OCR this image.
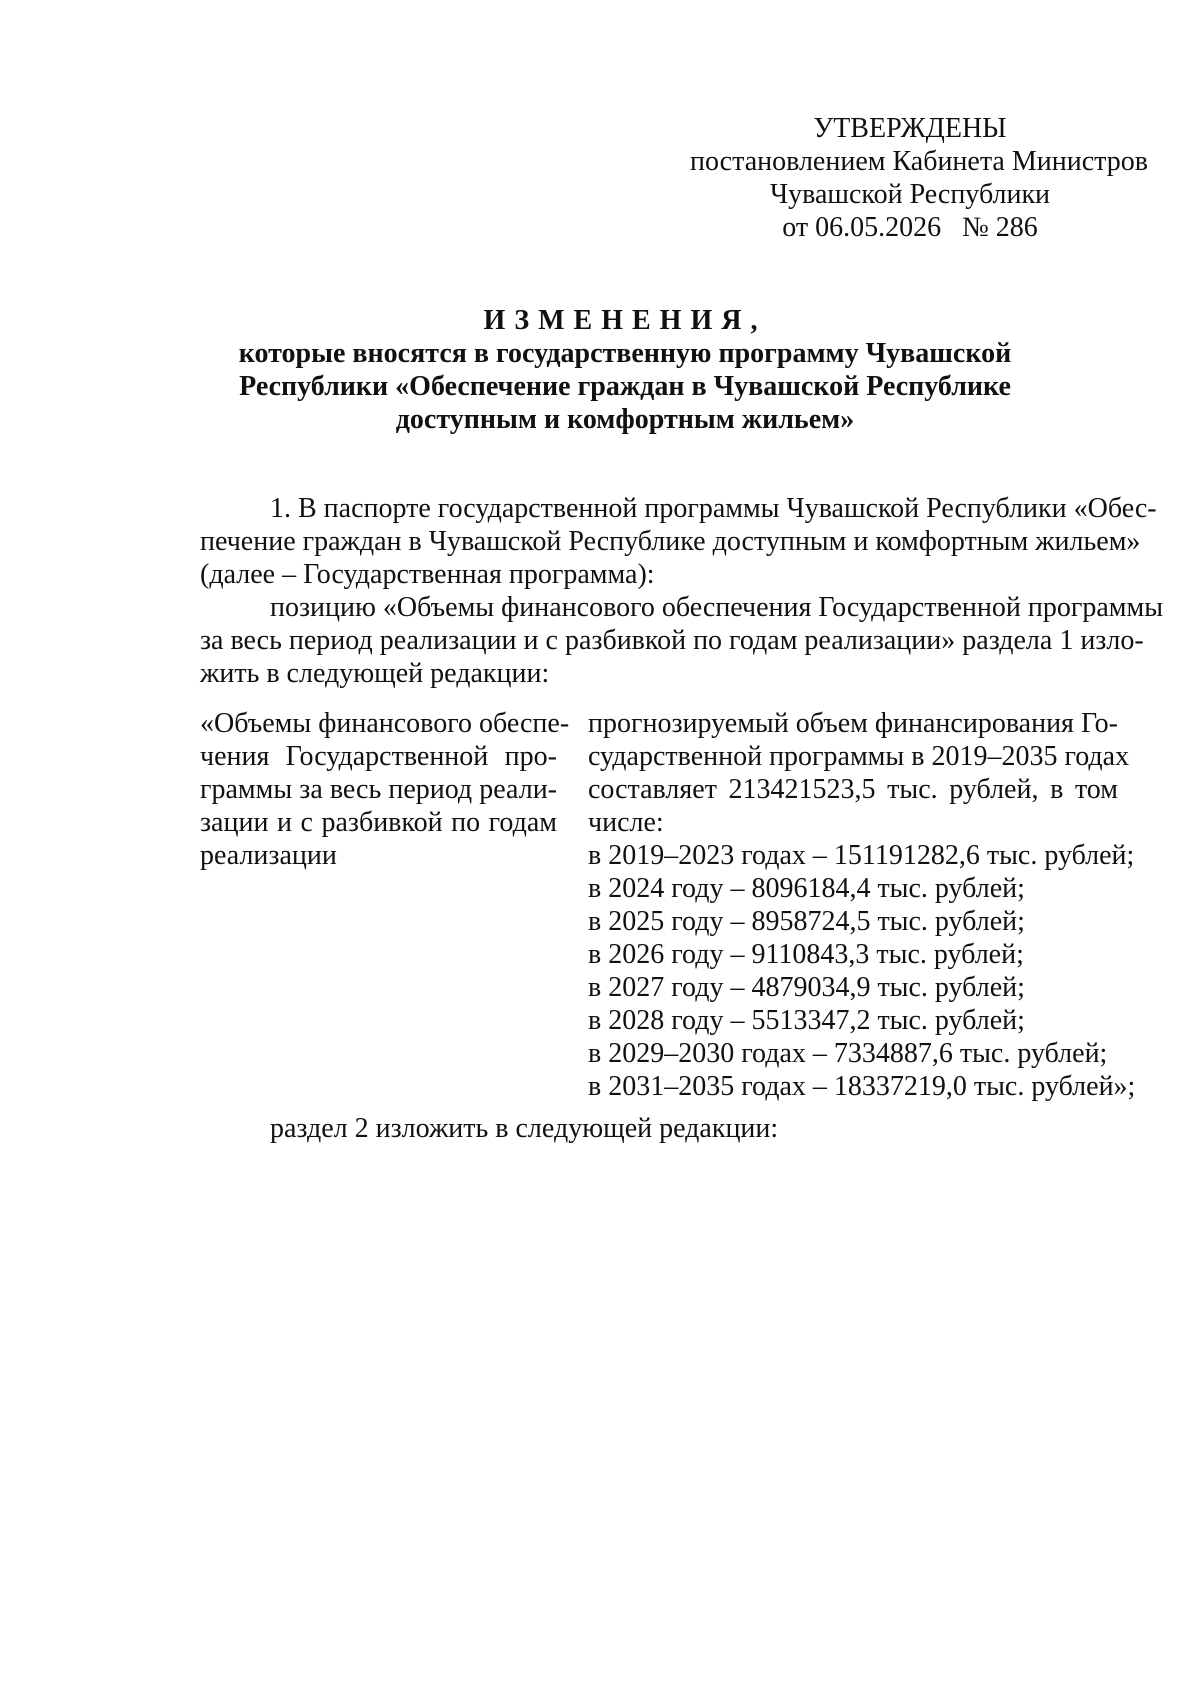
УТВЕРЖДЕНЫ
постановлением Кабинета Министров
Чувашской Республики
от 06.05.2026   № 286
ИЗМЕНЕНИЯ,
которые вносятся в государственную программу Чувашской
Республики «Обеспечение граждан в Чувашской Республике
доступным и комфортным жильем»
1. В паспорте государственной программы Чувашской Республики «Обес-
печение граждан в Чувашской Республике доступным и комфортным жильем»
(далее – Государственная программа):
позицию «Объемы финансового обеспечения Государственной программы
за весь период реализации и с разбивкой по годам реализации» раздела 1 изло-
жить в следующей редакции:
«Объемы финансового обеспе-
чения Государственной про-
граммы за весь период реали-
зации и с разбивкой по годам
реализации
прогнозируемый объем финансирования Го-
сударственной программы в 2019–2035 годах
составляет 213421523,5 тыс. рублей, в том
числе:
в 2019–2023 годах – 151191282,6 тыс. рублей;
в 2024 году – 8096184,4 тыс. рублей;
в 2025 году – 8958724,5 тыс. рублей;
в 2026 году – 9110843,3 тыс. рублей;
в 2027 году – 4879034,9 тыс. рублей;
в 2028 году – 5513347,2 тыс. рублей;
в 2029–2030 годах – 7334887,6 тыс. рублей;
в 2031–2035 годах – 18337219,0 тыс. рублей»;
раздел 2 изложить в следующей редакции:
